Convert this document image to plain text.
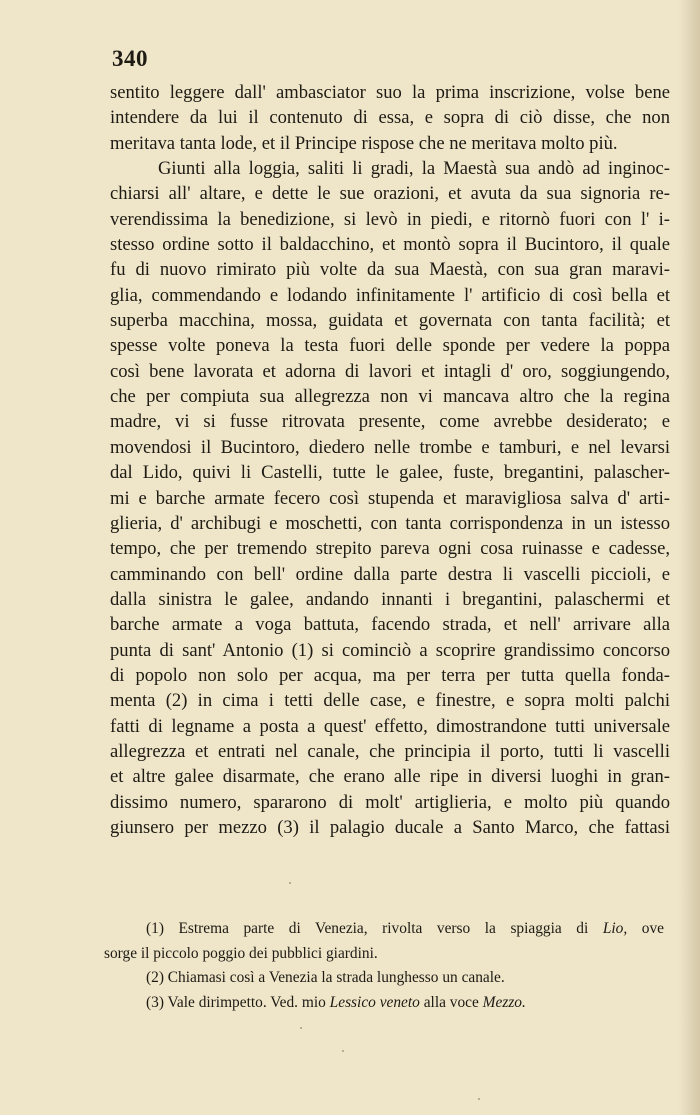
340
sentito leggere dall' ambasciator suo la prima inscrizione, volse bene
intendere da lui il contenuto di essa, e sopra di ciò disse, che non
meritava tanta lode, et il Principe rispose che ne meritava molto più.
Giunti alla loggia, saliti li gradi, la Maestà sua andò ad inginoc-
chiarsi all' altare, e dette le sue orazioni, et avuta da sua signoria re-
verendissima la benedizione, si levò in piedi, e ritornò fuori con l' i-
stesso ordine sotto il baldacchino, et montò sopra il Bucintoro, il quale
fu di nuovo rimirato più volte da sua Maestà, con sua gran maravi-
glia, commendando e lodando infinitamente l' artificio di così bella et
superba macchina, mossa, guidata et governata con tanta facilità; et
spesse volte poneva la testa fuori delle sponde per vedere la poppa
così bene lavorata et adorna di lavori et intagli d' oro, soggiungendo,
che per compiuta sua allegrezza non vi mancava altro che la regina
madre, vi si fusse ritrovata presente, come avrebbe desiderato; e
movendosi il Bucintoro, diedero nelle trombe e tamburi, e nel levarsi
dal Lido, quivi li Castelli, tutte le galee, fuste, bregantini, palascher-
mi e barche armate fecero così stupenda et maravigliosa salva d' arti-
glieria, d' archibugi e moschetti, con tanta corrispondenza in un istesso
tempo, che per tremendo strepito pareva ogni cosa ruinasse e cadesse,
camminando con bell' ordine dalla parte destra li vascelli piccioli, e
dalla sinistra le galee, andando innanti i bregantini, palaschermi et
barche armate a voga battuta, facendo strada, et nell' arrivare alla
punta di sant' Antonio (1) si cominciò a scoprire grandissimo concorso
di popolo non solo per acqua, ma per terra per tutta quella fonda-
menta (2) in cima i tetti delle case, e finestre, e sopra molti palchi
fatti di legname a posta a quest' effetto, dimostrandone tutti universale
allegrezza et entrati nel canale, che principia il porto, tutti li vascelli
et altre galee disarmate, che erano alle ripe in diversi luoghi in gran-
dissimo numero, spararono di molt' artiglieria, e molto più quando
giunsero per mezzo (3) il palagio ducale a Santo Marco, che fattasi
(1) Estrema parte di Venezia, rivolta verso la spiaggia di Lio, ove
sorge il piccolo poggio dei pubblici giardini.
(2) Chiamasi così a Venezia la strada lunghesso un canale.
(3) Vale dirimpetto. Ved. mio Lessico veneto alla voce Mezzo.
